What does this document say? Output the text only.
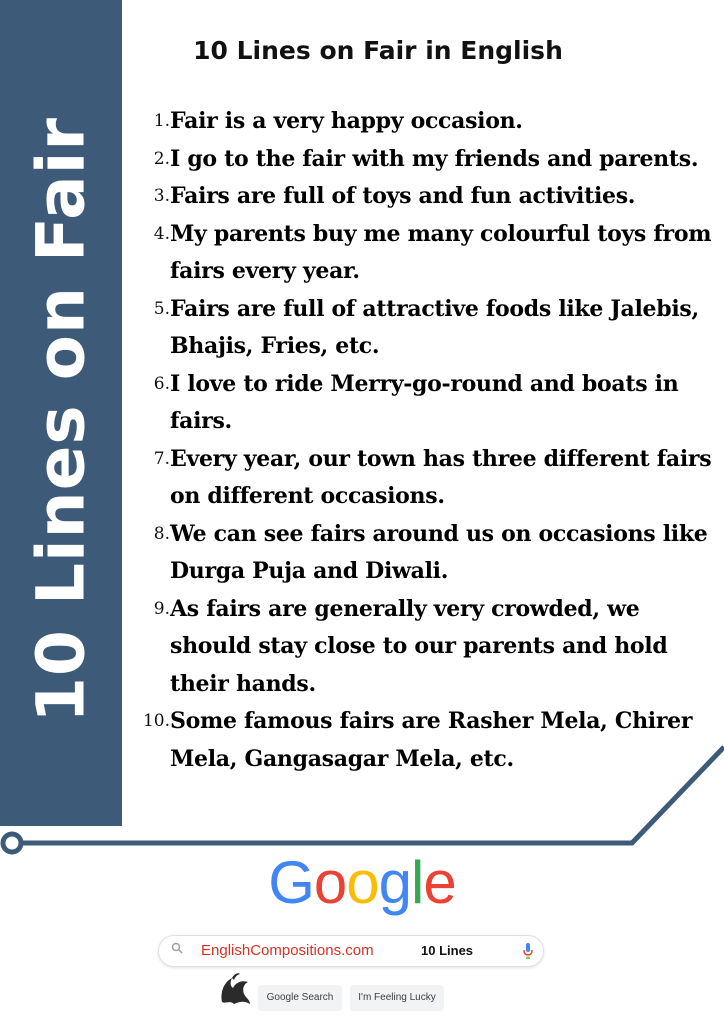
10 Lines on Fair
10 Lines on Fair in English
1. Fair is a very happy occasion.
2. I go to the fair with my friends and parents.
3. Fairs are full of toys and fun activities.
4. My parents buy me many colourful toys from fairs every year.
5. Fairs are full of attractive foods like Jalebis, Bhajis, Fries, etc.
6. I love to ride Merry-go-round and boats in fairs.
7. Every year, our town has three different fairs on different occasions.
8. We can see fairs around us on occasions like Durga Puja and Diwali.
9. As fairs are generally very crowded, we should stay close to our parents and hold their hands.
10. Some famous fairs are Rasher Mela, Chirer Mela, Gangasagar Mela, etc.
Google
EnglishCompositions.com	10 Lines
Google Search	I'm Feeling Lucky
